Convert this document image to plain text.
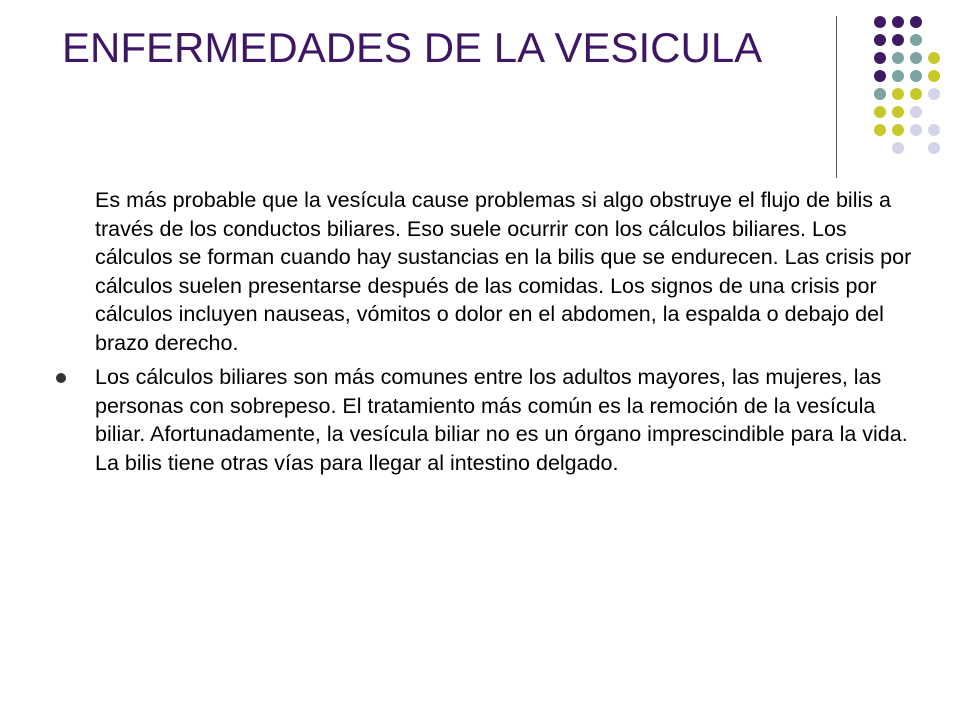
ENFERMEDADES DE LA VESICULA

Es más probable que la vesícula cause problemas si algo obstruye el flujo de bilis a través de los conductos biliares. Eso suele ocurrir con los cálculos biliares. Los cálculos se forman cuando hay sustancias en la bilis que se endurecen. Las crisis por cálculos suelen presentarse después de las comidas. Los signos de una crisis por cálculos incluyen nauseas, vómitos o dolor en el abdomen, la espalda o debajo del brazo derecho.

Los cálculos biliares son más comunes entre los adultos mayores, las mujeres, las personas con sobrepeso. El tratamiento más común es la remoción de la vesícula biliar. Afortunadamente, la vesícula biliar no es un órgano imprescindible para la vida. La bilis tiene otras vías para llegar al intestino delgado.
